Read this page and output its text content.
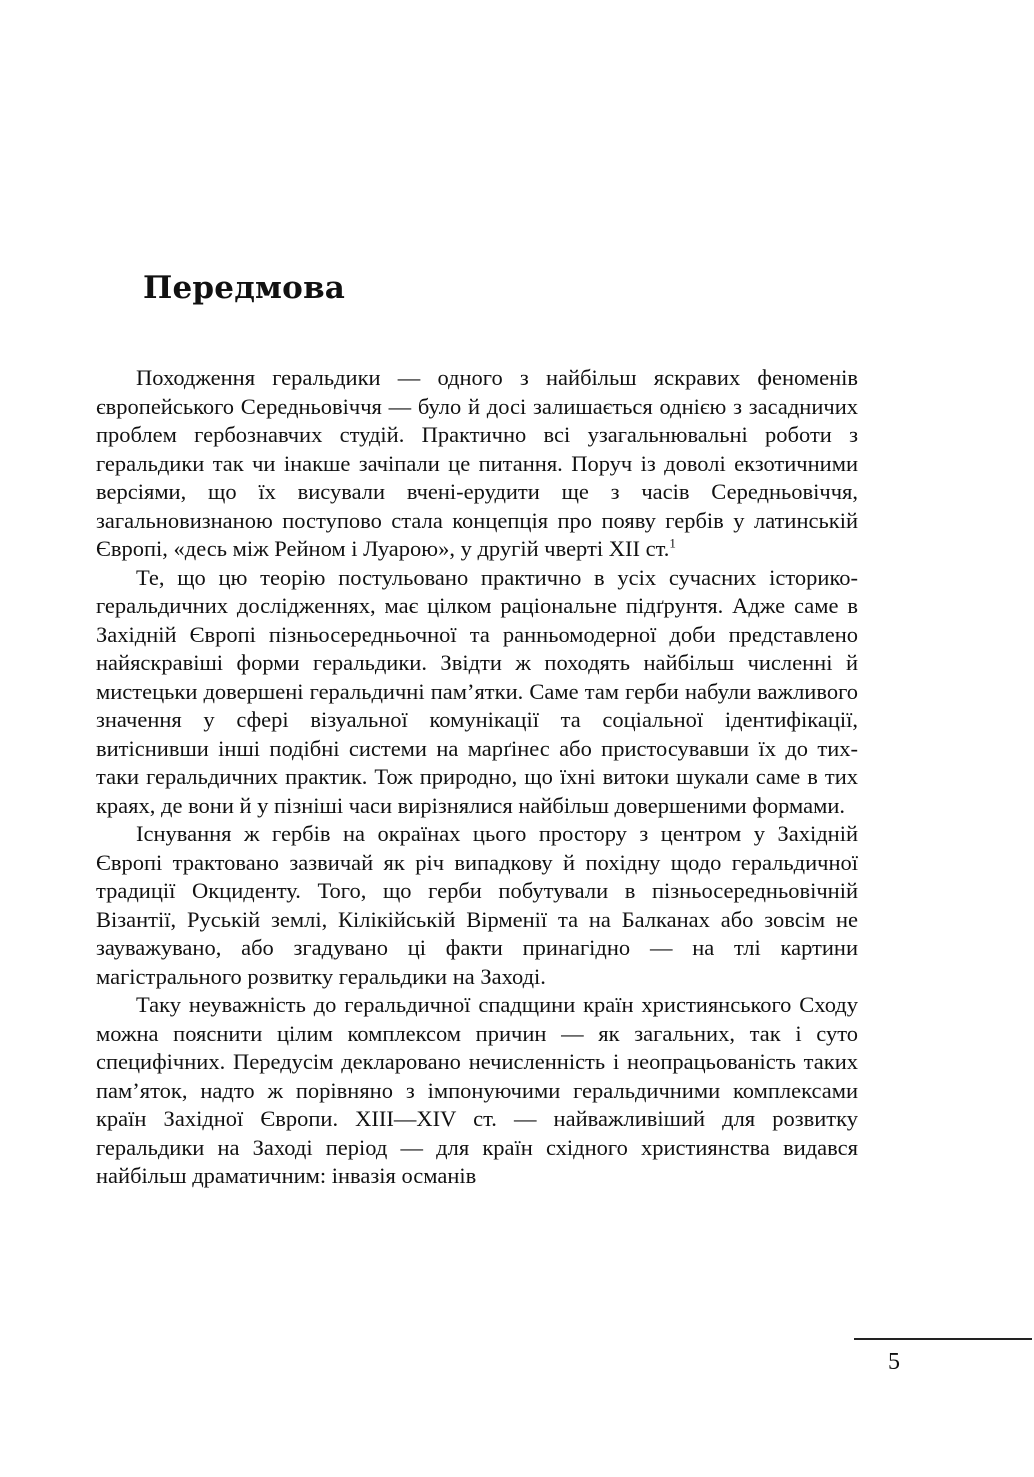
Передмова

Походження геральдики — одного з найбільш яскравих феноменів європейського Середньовіччя — було й досі залишається однією з засадничих проблем гербознавчих студій. Практично всі узагальнювальні роботи з геральдики так чи інакше зачіпали це питання. Поруч із доволі екзотичними версіями, що їх висували вчені-ерудити ще з часів Середньовіччя, загальновизнаною поступово стала концепція про появу гербів у латинській Європі, «десь між Рейном і Луарою», у другій чверті XII ст.$^1$

Те, що цю теорію постульовано практично в усіх сучасних історико-геральдичних дослідженнях, має цілком раціональне підґрунтя. Адже саме в Західній Європі пізньосередньочної та ранньомодерної доби представлено найяскравіші форми геральдики. Звідти ж походять найбільш численні й мистецьки довершені геральдичні пам’ятки. Саме там герби набули важливого значення у сфері візуальної комунікації та соціальної ідентифікації, витіснивши інші подібні системи на марґінес або пристосувавши їх до тих-таки геральдичних практик. Тож природно, що їхні витоки шукали саме в тих краях, де вони й у пізніші часи вирізнялися найбільш довершеними формами.

Існування ж гербів на окраїнах цього простору з центром у Західній Європі трактовано зазвичай як річ випадкову й похідну щодо геральдичної традиції Окциденту. Того, що герби побутували в пізньосередньовічній Візантії, Руській землі, Кілікійській Вірменії та на Балканах або зовсім не зауважувано, або згадувано ці факти принагідно — на тлі картини магістрального розвитку геральдики на Заході.

Таку неуважність до геральдичної спадщини країн християнського Сходу можна пояснити цілим комплексом причин — як загальних, так і суто специфічних. Передусім декларовано нечисленність і неопрацьованість таких пам’яток, надто ж порівняно з імпонуючими геральдичними комплексами країн Західної Європи. XIII—XIV ст. — найважливіший для розвитку геральдики на Заході період — для країн східного християнства видався найбільш драматичним: інвазія османів

5
